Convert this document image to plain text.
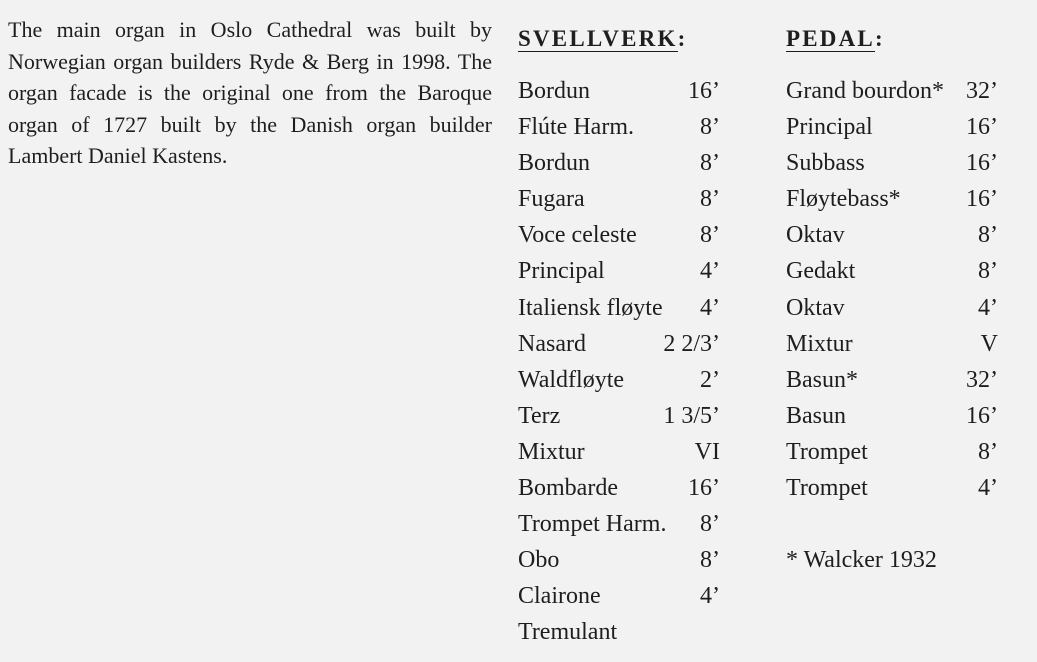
The main organ in Oslo Cathedral was built by Norwegian organ builders Ryde & Berg in 1998. The organ facade is the original one from the Baroque organ of 1727 built by the Danish organ builder Lambert Daniel Kastens.

SVELLVERK:
Bordun	16’
Flúte Harm.	8’
Bordun	8’
Fugara	8’
Voce celeste	8’
Principal	4’
Italiensk fløyte 4’
Nasard	2 2/3’
Waldfløyte	2’
Terz	1 3/5’
Mixtur	VI
Bombarde	16’
Trompet Harm. 8’
Obo	8’
Clairone	4’
Tremulant
PEDAL:
Grand bourdon* 32’
Principal	16’
Subbass	16’
Fløytebass*	16’
Oktav	8’
Gedakt	8’
Oktav	4’
Mixtur	V
Basun*	32’
Basun	16’
Trompet	8’
Trompet	4’
* Walcker 1932
